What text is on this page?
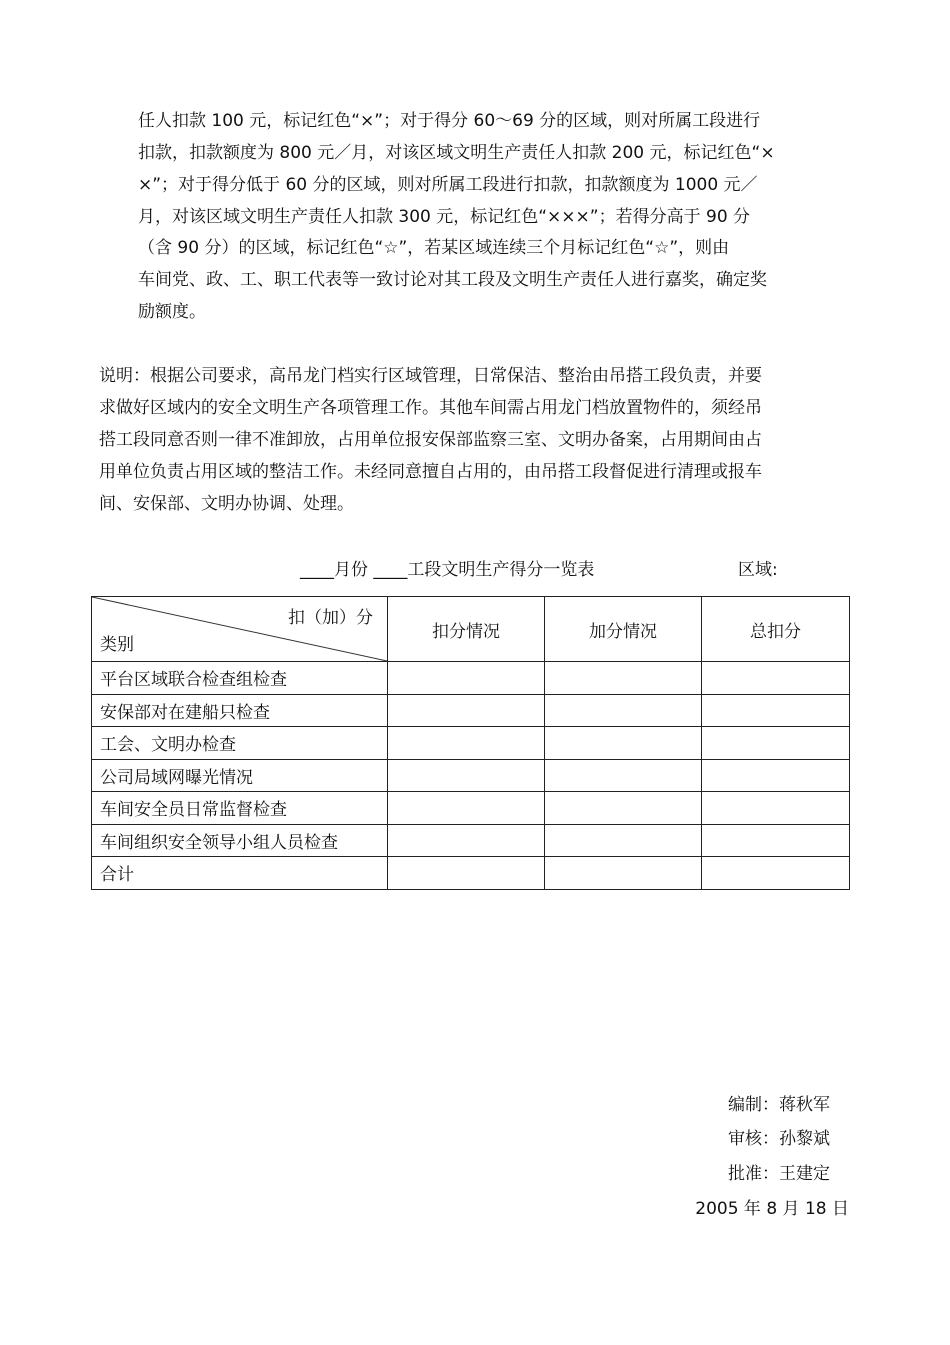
任人扣款 100 元，标记红色“×”；对于得分 60～69 分的区域，则对所属工段进行

扣款，扣款额度为 800 元／月，对该区域文明生产责任人扣款 200 元，标记红色“×

×”；对于得分低于 60 分的区域，则对所属工段进行扣款，扣款额度为 1000 元／

月，对该区域文明生产责任人扣款 300 元，标记红色“×××”；若得分高于 90 分

（含 90 分）的区域，标记红色“☆”，若某区域连续三个月标记红色“☆”，则由

车间党、政、工、职工代表等一致讨论对其工段及文明生产责任人进行嘉奖，确定奖

励额度。

说明：根据公司要求，高吊龙门档实行区域管理，日常保洁、整治由吊搭工段负责，并要

求做好区域内的安全文明生产各项管理工作。其他车间需占用龙门档放置物件的，须经吊

搭工段同意否则一律不准卸放，占用单位报安保部监察三室、文明办备案，占用期间由占

用单位负责占用区域的整洁工作。未经同意擅自占用的，由吊搭工段督促进行清理或报车

间、安保部、文明办协调、处理。

____月份 ____工段文明生产得分一览表	区域:
扣（加）分
类别	扣分情况	加分情况	总扣分
平台区域联合检查组检查			
安保部对在建船只检查			
工会、文明办检查			
公司局域网曝光情况			
车间安全员日常监督检查			
车间组织安全领导小组人员检查			
合计			
编制：蒋秋军
审核：孙黎斌
批准：王建定
2005 年 8 月 18 日
